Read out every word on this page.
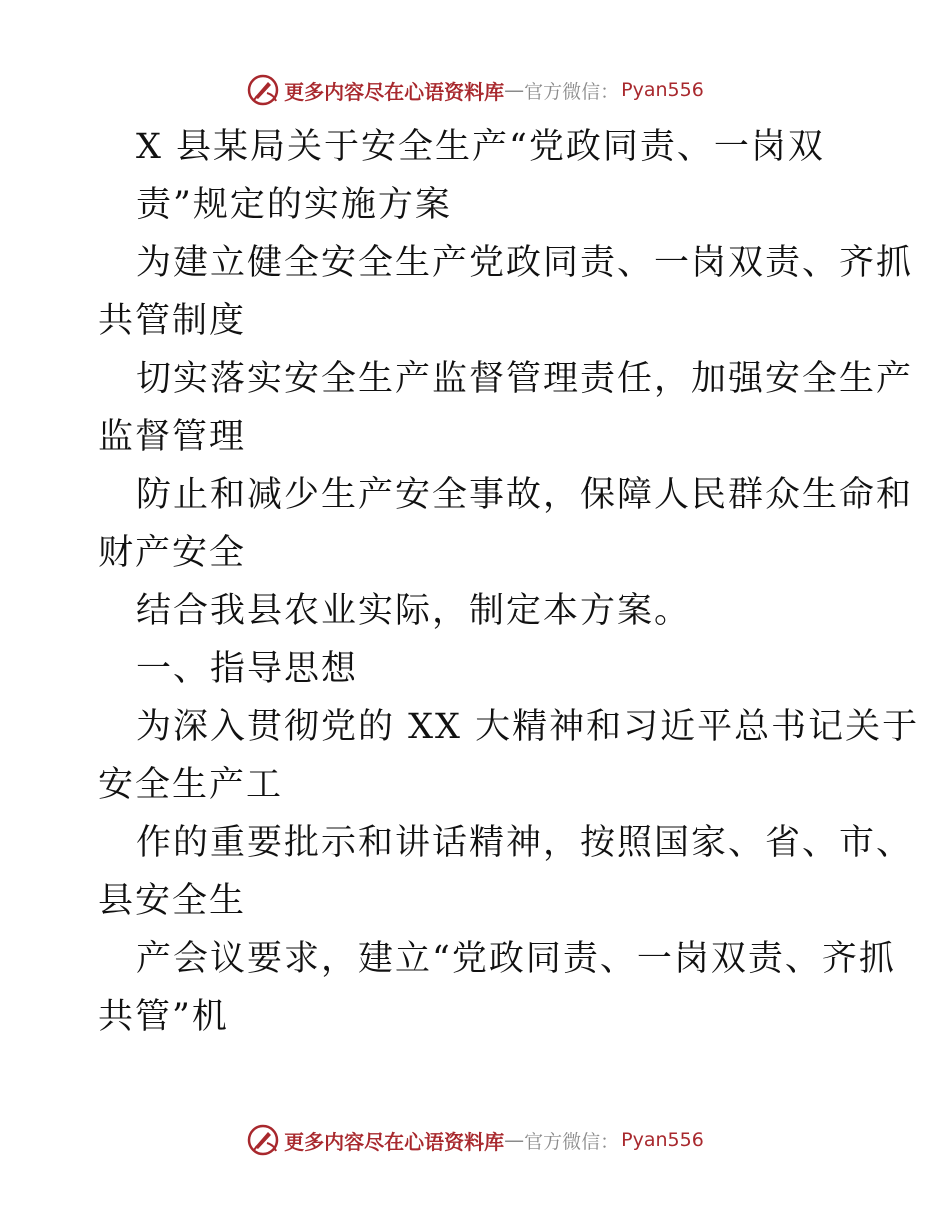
更多内容尽在心语资料库 — 官方微信： Pyan556
X 县某局关于安全生产“党政同责、一岗双
责”规定的实施方案
为建立健全安全生产党政同责、一岗双责、齐抓
共管制度
切实落实安全生产监督管理责任，加强安全生产
监督管理
防止和减少生产安全事故，保障人民群众生命和
财产安全
结合我县农业实际，制定本方案。
一、指导思想
为深入贯彻党的 XX 大精神和习近平总书记关于
安全生产工
作的重要批示和讲话精神，按照国家、省、市、
县安全生
产会议要求，建立“党政同责、一岗双责、齐抓
共管”机
更多内容尽在心语资料库 — 官方微信： Pyan556
